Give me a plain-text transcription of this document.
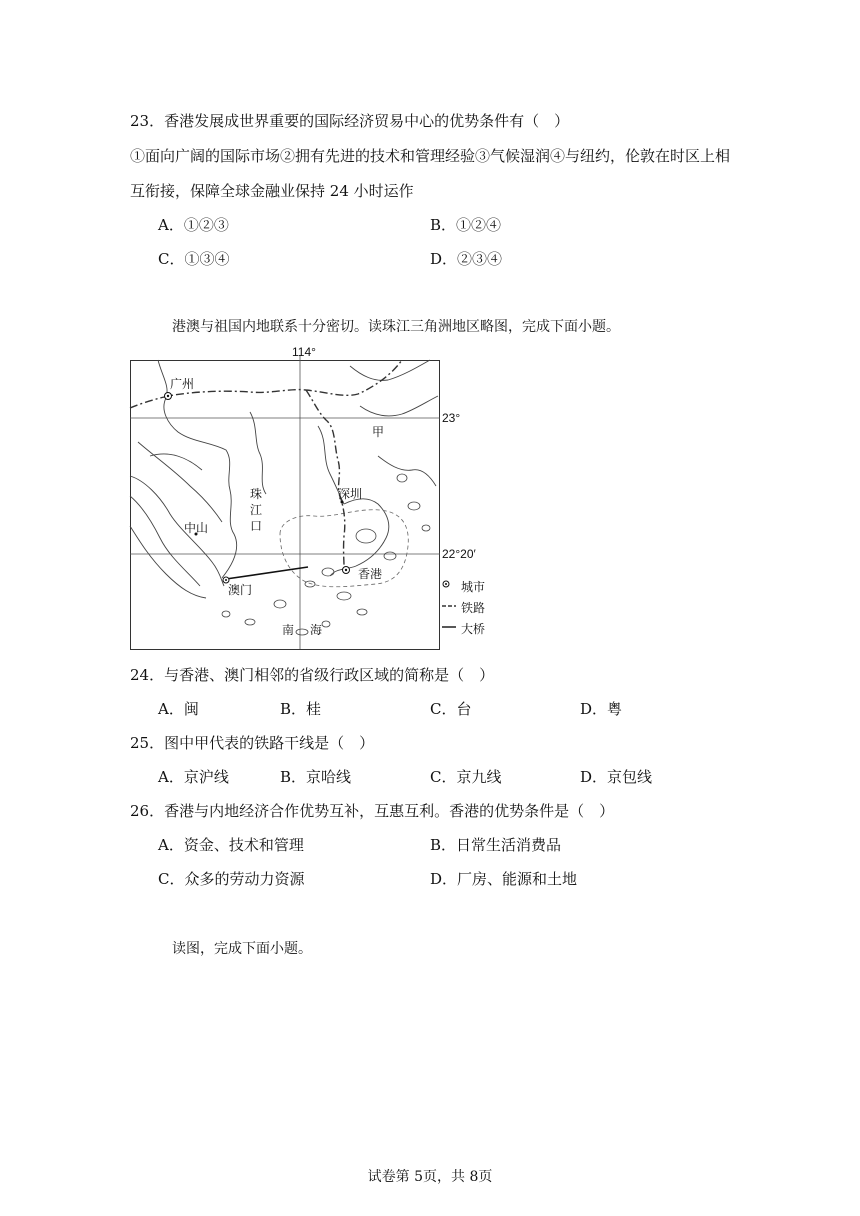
23．香港发展成世界重要的国际经济贸易中心的优势条件有（　）
①面向广阔的国际市场②拥有先进的技术和管理经验③气候湿润④与纽约，伦敦在时区上相
互衔接，保障全球金融业保持 24 小时运作
A．①②③	B．①②④
C．①③④	D．②③④
港澳与祖国内地联系十分密切。读珠江三角洲地区略图，完成下面小题。
114°
23°
22°20′
广州
甲
深圳
珠
江
口
中山
香港
澳门
南 海
城市
铁路
大桥
24．与香港、澳门相邻的省级行政区域的简称是（　）
A．闽	B．桂	C．台	D．粤
25．图中甲代表的铁路干线是（　）
A．京沪线	B．京哈线	C．京九线	D．京包线
26．香港与内地经济合作优势互补，互惠互利。香港的优势条件是（　）
A．资金、技术和管理	B．日常生活消费品
C．众多的劳动力资源	D．厂房、能源和土地
读图，完成下面小题。
试卷第 5页，共 8页
